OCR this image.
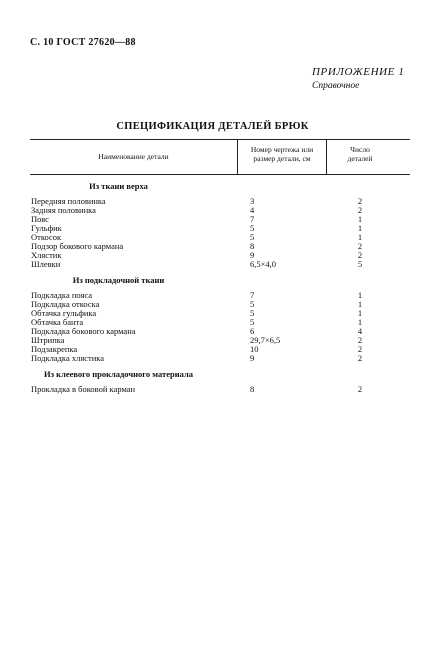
С. 10 ГОСТ 27620—88
ПРИЛОЖЕНИЕ 1
Справочное
СПЕЦИФИКАЦИЯ ДЕТАЛЕЙ БРЮК
Наименование детали
Номер чертежа или размер детали, см
Число деталей
Из ткани верха
Передняя половинка	3	2
Задняя половинка	4	2
Пояс	7	1
Гульфик	5	1
Откосок	5	1
Подзор бокового кармана	8	2
Хлястик	9	2
Шлевки	6,5×4,0	5
Из подкладочной ткани
Подкладка пояса	7	1
Подкладка откоска	5	1
Обтачка гульфика	5	1
Обтачка банта	5	1
Подкладка бокового кармана	6	4
Штрипка	29,7×6,5	2
Подзакрепка	10	2
Подкладка хлястика	9	2
Из клеевого прокладочного материала
Прокладка в боковой карман	8	2
